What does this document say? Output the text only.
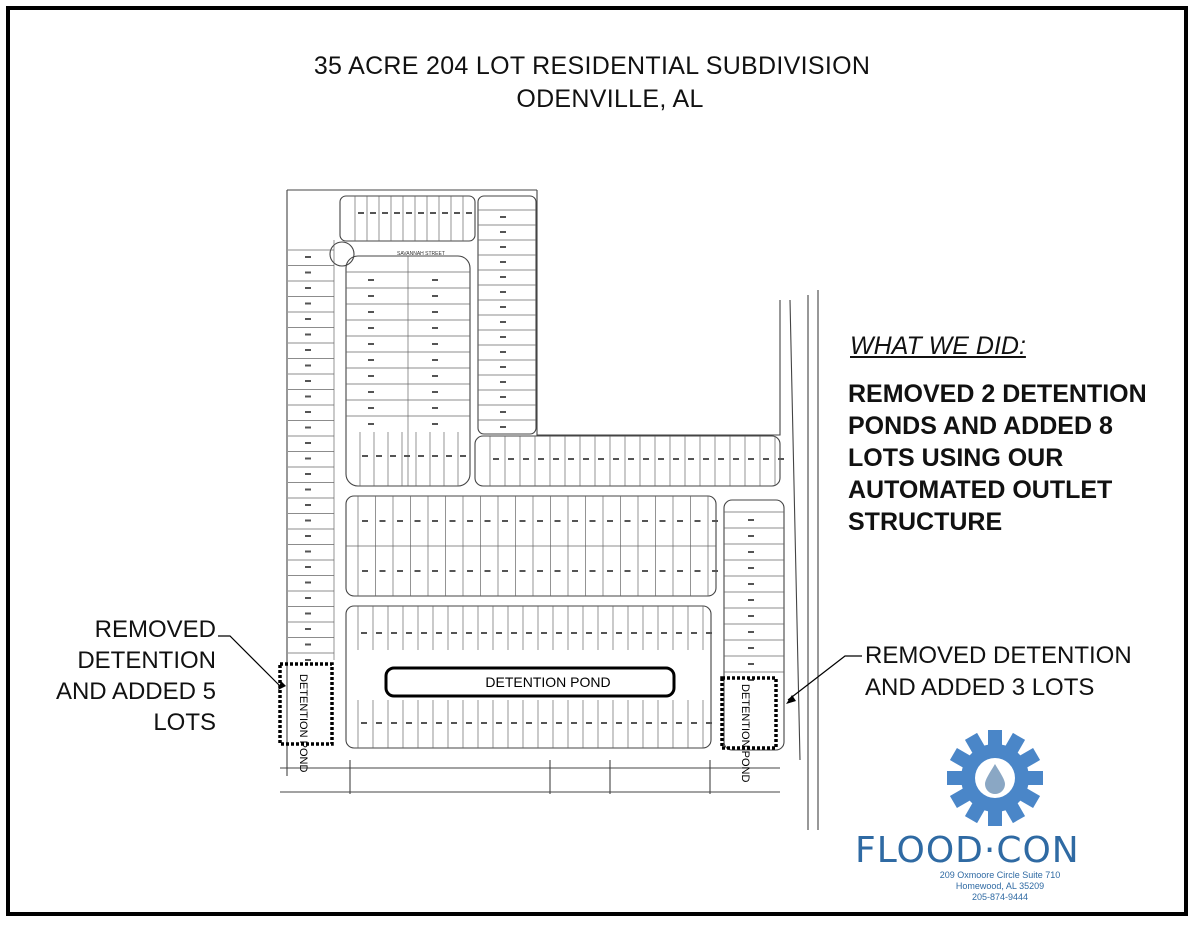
35 ACRE 204 LOT RESIDENTIAL SUBDIVISION
ODENVILLE, AL
WHAT WE DID:
REMOVED 2 DETENTION
PONDS AND ADDED 8
LOTS USING OUR
AUTOMATED OUTLET
STRUCTURE
REMOVED
DETENTION
AND ADDED 5
LOTS
REMOVED DETENTION
AND ADDED 3 LOTS
SAVANNAH STREET
DETENTION POND
DETENTION POND	DETENTION POND
FLOOD·CON
209 Oxmoore Circle Suite 710
Homewood, AL 35209
205-874-9444
